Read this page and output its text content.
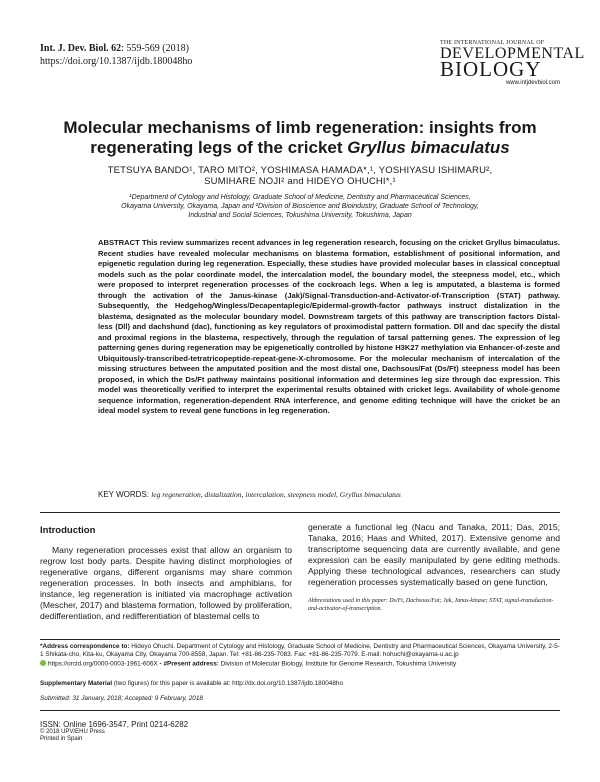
Int. J. Dev. Biol. 62: 559-569 (2018)
https://doi.org/10.1387/ijdb.180048ho
THE INTERNATIONAL JOURNAL OF
DEVELOPMENTAL
BIOLOGY
www.intjdevbiol.com
Molecular mechanisms of limb regeneration: insights from
regenerating legs of the cricket Gryllus bimaculatus
TETSUYA BANDO¹, TARO MITO², YOSHIMASA HAMADA*,¹, YOSHIYASU ISHIMARU²,
SUMIHARE NOJI² and HIDEYO OHUCHI*,¹
¹Department of Cytology and Histology, Graduate School of Medicine, Dentistry and Pharmaceutical Sciences,
Okayama University, Okayama, Japan and ²Division of Bioscience and Bioindustry, Graduate School of Technology,
Industrial and Social Sciences, Tokushima University, Tokushima, Japan
ABSTRACT This review summarizes recent advances in leg regeneration research, focusing on the cricket Gryllus bimaculatus. Recent studies have revealed molecular mechanisms on blastema formation, establishment of positional information, and epigenetic regulation during leg regeneration. Especially, these studies have provided molecular bases in classical conceptual models such as the polar coordinate model, the intercalation model, the boundary model, the steepness model, etc., which were proposed to interpret regeneration processes of the cockroach legs. When a leg is amputated, a blastema is formed through the activation of the Janus-kinase (Jak)/Signal-Transduction-and-Activator-of-Transcription (STAT) pathway. Subsequently, the Hedgehog/Wingless/Decapentaplegic/Epidermal-growth-factor pathways instruct distalization in the blastema, designated as the molecular boundary model. Downstream targets of this pathway are transcription factors Distal-less (Dll) and dachshund (dac), functioning as key regulators of proximodistal pattern formation. Dll and dac specify the distal and proximal regions in the blastema, respectively, through the regulation of tarsal patterning genes. The expression of leg patterning genes during regeneration may be epigenetically controlled by histone H3K27 methylation via Enhancer-of-zeste and Ubiquitously-transcribed-tetratricopeptide-repeat-gene-X-chromosome. For the molecular mechanism of intercalation of the missing structures between the amputated position and the most distal one, Dachsous/Fat (Ds/Ft) steepness model has been proposed, in which the Ds/Ft pathway maintains positional information and determines leg size through dac expression. This model was theoretically verified to interpret the experimental results obtained with cricket legs. Availability of whole-genome sequence information, regeneration-dependent RNA interference, and genome editing technique will have the cricket be an ideal model system to reveal gene functions in leg regeneration.
KEY WORDS: leg regeneration, distalization, intercalation, steepness model, Gryllus bimaculatus
Introduction
Many regeneration processes exist that allow an organism to regrow lost body parts. Despite having distinct morphologies of regenerative organs, different organisms may share common regeneration processes. In both insects and amphibians, for instance, leg regeneration is initiated via macrophage activation (Mescher, 2017) and blastema formation, followed by proliferation, dedifferentiation, and redifferentiation of blastemal cells to
generate a functional leg (Nacu and Tanaka, 2011; Das, 2015; Tanaka, 2016; Haas and Whited, 2017). Extensive genome and transcriptome sequencing data are currently available, and gene expression can be easily manipulated by gene editing methods. Applying these technological advances, researchers can study regeneration processes systematically based on gene function,
Abbreviations used in this paper: Ds/Ft, Dachsous/Fat; Jak, Janus-kinase; STAT, signal-transduction-and-activator-of-transcription.
*Address correspondence to: Hideyo Ohuchi. Department of Cytology and Histology, Graduate School of Medicine, Dentistry and Pharmaceutical Sciences, Okayama University, 2-5-1 Shikata-cho, Kita-ku, Okayama City, Okayama 700-8558, Japan. Tel: +81-86-235-7083. Fax: +81-86-235-7079. E-mail: hohuchi@okayama-u.ac.jp
https://orcid.org/0000-0003-1961-606X - #Present address: Division of Molecular Biology, Institute for Genome Research, Tokushima University
Supplementary Material (two figures) for this paper is available at: http://dx.doi.org/10.1387/ijdb.180048ho
Submitted: 31 January, 2018; Accepted: 9 February, 2018
ISSN: Online 1696-3547, Print 0214-6282
© 2018 UPV/EHU Press
Printed in Spain
